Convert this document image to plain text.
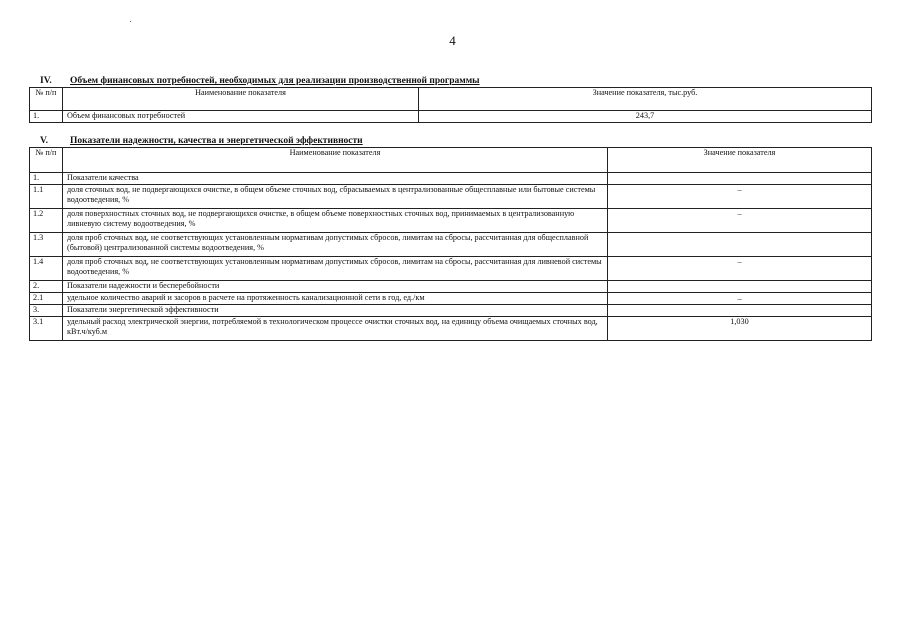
4
IV. Объем финансовых потребностей, необходимых для реализации производственной программы
№ п/п	Наименование показателя	Значение показателя, тыс.руб.
1.	Объем финансовых потребностей	243,7
V. Показатели надежности, качества и энергетической эффективности
№ п/п	Наименование показателя	Значение показателя
1.	Показатели качества	
1.1	доля сточных вод, не подвергающихся очистке, в общем объеме сточных вод, сбрасываемых в централизованные общесплавные или бытовые системы водоотведения, %	–
1.2	доля поверхностных сточных вод, не подвергающихся очистке, в общем объеме поверхностных сточных вод, принимаемых в централизованную ливневую систему водоотведения, %	–
1.3	доля проб сточных вод, не соответствующих установленным нормативам допустимых сбросов, лимитам на сбросы, рассчитанная для общесплавной (бытовой) централизованной системы водоотведения, %	
1.4	доля проб сточных вод, не соответствующих установленным нормативам допустимых сбросов, лимитам на сбросы, рассчитанная для ливневой системы водоотведения, %	–
2.	Показатели надежности и бесперебойности	
2.1	удельное количество аварий и засоров в расчете на протяженность канализационной сети в год, ед./км	–
3.	Показатели энергетической эффективности	
3.1	удельный расход электрической энергии, потребляемой в технологическом процессе очистки сточных вод, на единицу объема очищаемых сточных вод, кВт.ч/куб.м	1,030
